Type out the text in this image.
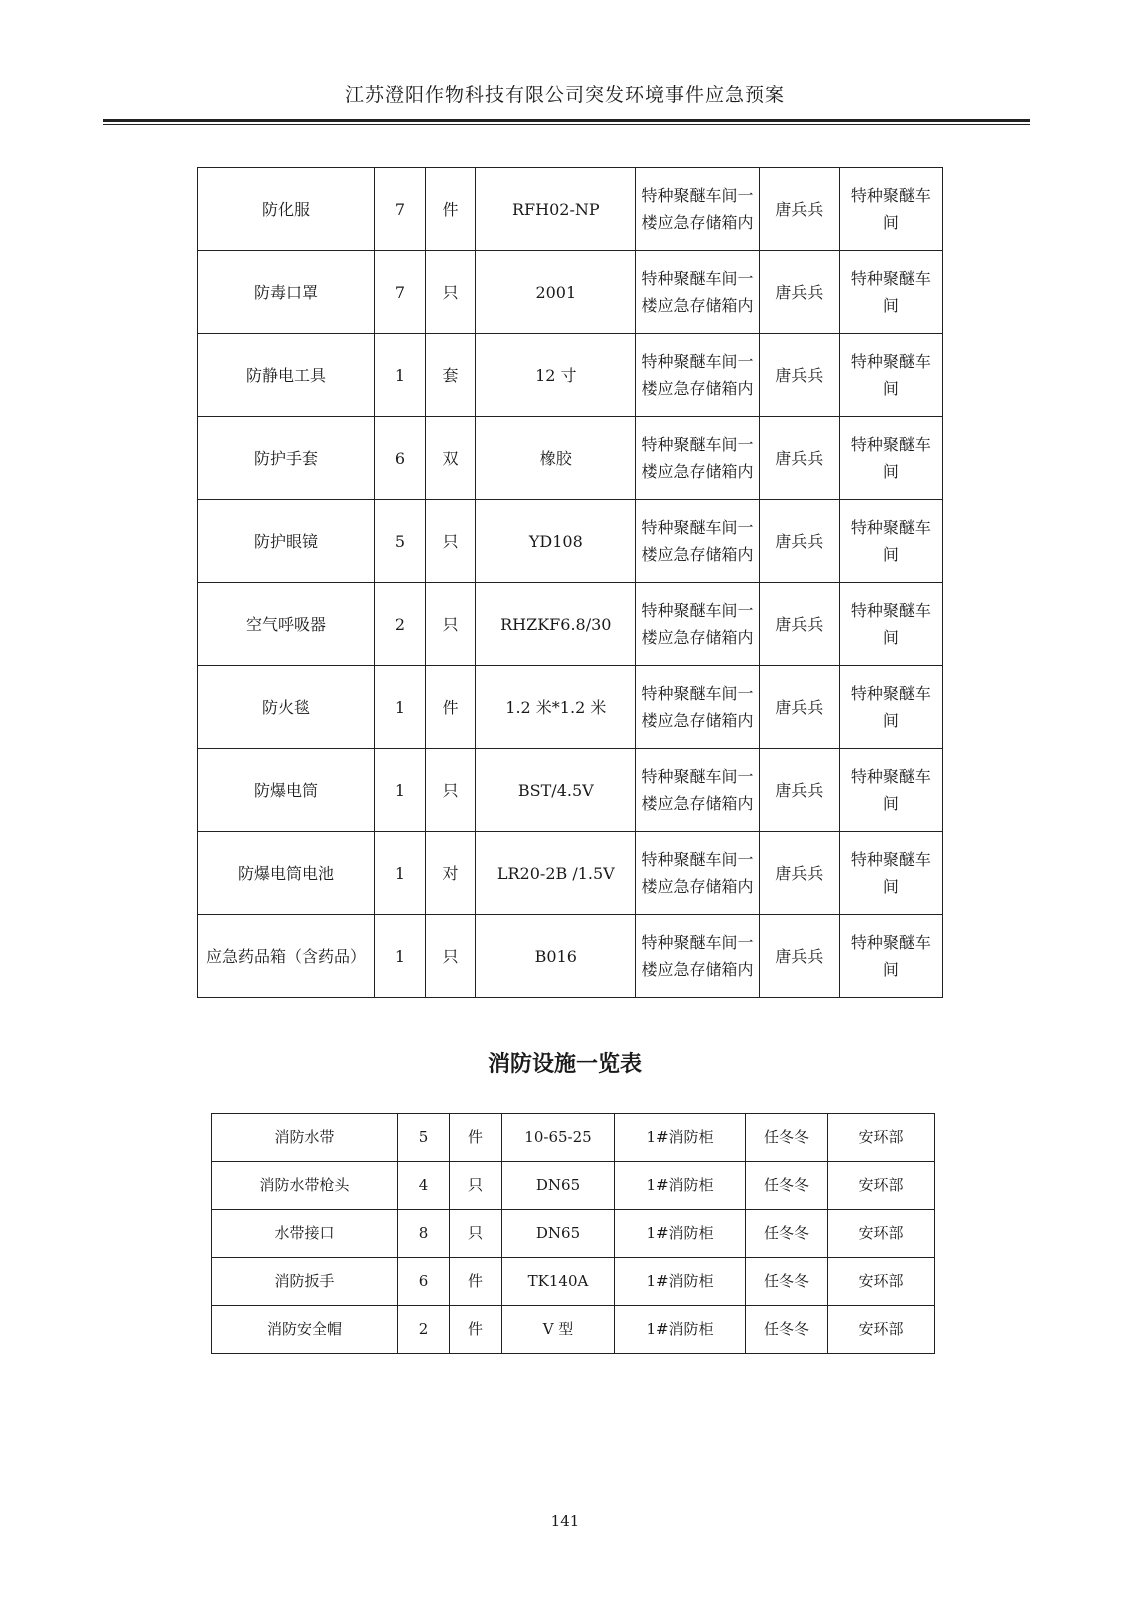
江苏澄阳作物科技有限公司突发环境事件应急预案
防化服	7	件	RFH02-NP	特种聚醚车间一楼应急存储箱内	唐兵兵	特种聚醚车间
防毒口罩	7	只	2001	特种聚醚车间一楼应急存储箱内	唐兵兵	特种聚醚车间
防静电工具	1	套	12 寸	特种聚醚车间一楼应急存储箱内	唐兵兵	特种聚醚车间
防护手套	6	双	橡胶	特种聚醚车间一楼应急存储箱内	唐兵兵	特种聚醚车间
防护眼镜	5	只	YD108	特种聚醚车间一楼应急存储箱内	唐兵兵	特种聚醚车间
空气呼吸器	2	只	RHZKF6.8/30	特种聚醚车间一楼应急存储箱内	唐兵兵	特种聚醚车间
防火毯	1	件	1.2 米*1.2 米	特种聚醚车间一楼应急存储箱内	唐兵兵	特种聚醚车间
防爆电筒	1	只	BST/4.5V	特种聚醚车间一楼应急存储箱内	唐兵兵	特种聚醚车间
防爆电筒电池	1	对	LR20-2B /1.5V	特种聚醚车间一楼应急存储箱内	唐兵兵	特种聚醚车间
应急药品箱（含药品）	1	只	B016	特种聚醚车间一楼应急存储箱内	唐兵兵	特种聚醚车间
消防设施一览表
消防水带	5	件	10-65-25	1#消防柜	任冬冬	安环部
消防水带枪头	4	只	DN65	1#消防柜	任冬冬	安环部
水带接口	8	只	DN65	1#消防柜	任冬冬	安环部
消防扳手	6	件	TK140A	1#消防柜	任冬冬	安环部
消防安全帽	2	件	V 型	1#消防柜	任冬冬	安环部
141
